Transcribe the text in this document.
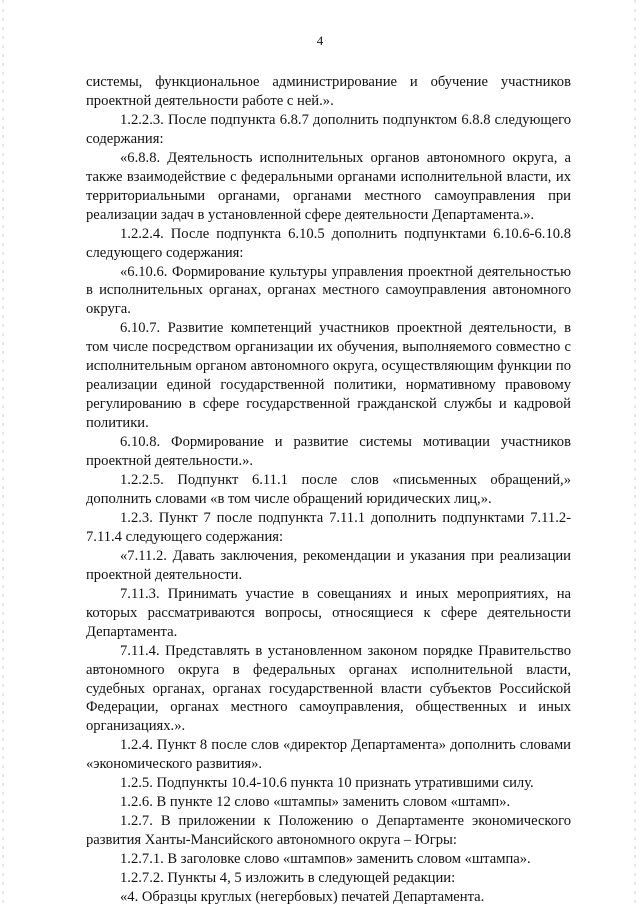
4

системы, функциональное администрирование и обучение участников проектной деятельности работе с ней.».

1.2.2.3. После подпункта 6.8.7 дополнить подпунктом 6.8.8 следующего содержания:

«6.8.8. Деятельность исполнительных органов автономного округа, а также взаимодействие с федеральными органами исполнительной власти, их территориальными органами, органами местного самоуправления при реализации задач в установленной сфере деятельности Департамента.».

1.2.2.4. После подпункта 6.10.5 дополнить подпунктами 6.10.6-6.10.8 следующего содержания:

«6.10.6. Формирование культуры управления проектной деятельностью в исполнительных органах, органах местного самоуправления автономного округа.

6.10.7. Развитие компетенций участников проектной деятельности, в том числе посредством организации их обучения, выполняемого совместно с исполнительным органом автономного округа, осуществляющим функции по реализации единой государственной политики, нормативному правовому регулированию в сфере государственной гражданской службы и кадровой политики.

6.10.8. Формирование и развитие системы мотивации участников проектной деятельности.».

1.2.2.5. Подпункт 6.11.1 после слов «письменных обращений,» дополнить словами «в том числе обращений юридических лиц,».

1.2.3. Пункт 7 после подпункта 7.11.1 дополнить подпунктами 7.11.2-7.11.4 следующего содержания:

«7.11.2. Давать заключения, рекомендации и указания при реализации проектной деятельности.

7.11.3. Принимать участие в совещаниях и иных мероприятиях, на которых рассматриваются вопросы, относящиеся к сфере деятельности Департамента.

7.11.4. Представлять в установленном законом порядке Правительство автономного округа в федеральных органах исполнительной власти, судебных органах, органах государственной власти субъектов Российской Федерации, органах местного самоуправления, общественных и иных организациях.».

1.2.4. Пункт 8 после слов «директор Департамента» дополнить словами «экономического развития».

1.2.5. Подпункты 10.4-10.6 пункта 10 признать утратившими силу.

1.2.6. В пункте 12 слово «штампы» заменить словом «штамп».

1.2.7. В приложении к Положению о Департаменте экономического развития Ханты-Мансийского автономного округа – Югры:

1.2.7.1. В заголовке слово «штампов» заменить словом «штампа».

1.2.7.2. Пункты 4, 5 изложить в следующей редакции:

«4. Образцы круглых (негербовых) печатей Департамента.
